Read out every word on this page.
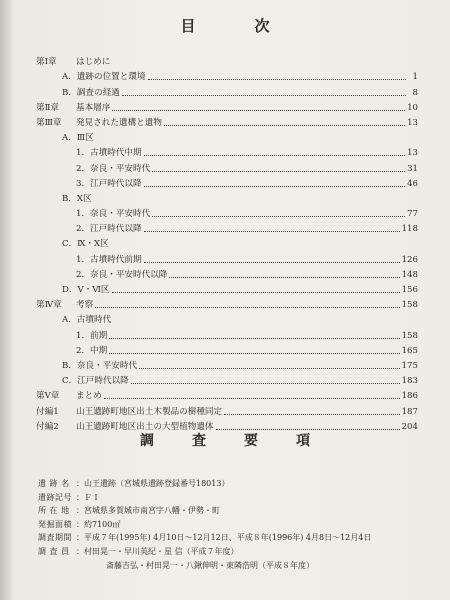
目　次
第Ⅰ章 はじめに
A．遺跡の位置と環境	1
B．調査の経過	8
第Ⅱ章 基本層序	10
第Ⅲ章 発見された遺構と遺物	13
A．Ⅲ区
1．古墳時代中期	13
2．奈良・平安時代	31
3．江戸時代以降	46
B．Ⅹ区
1．奈良・平安時代	77
2．江戸時代以降	118
C．Ⅸ・Ⅹ区
1．古墳時代前期	126
2．奈良・平安時代以降	148
D．Ⅴ・Ⅵ区	156
第Ⅳ章 考察	158
A．古墳時代
1．前期	158
2．中期	165
B．奈良・平安時代	175
C．江戸時代以降	183
第Ⅴ章 まとめ	186
付編1 山王遺跡町地区出土木製品の樹種同定	187
付編2 山王遺跡町地区出土の大型植物遺体	204
調　査　要　項
遺 跡 名 ：山王遺跡（宮城県遺跡登録番号18013）
遺跡記号 ：ＦＩ
所 在 地 ：宮城県多賀城市南宮字八幡・伊勢・町
発掘面積 ：約7100㎡
調査期間 ：平成７年(1995年) 4月10日～12月12日、平成８年(1996年) 4月8日～12月4日
調 査 員 ：村田晃一・早川英紀・星 信（平成７年度）
斎藤吉弘・村田晃一・八鍬伸明・東隣浩明（平成８年度）
